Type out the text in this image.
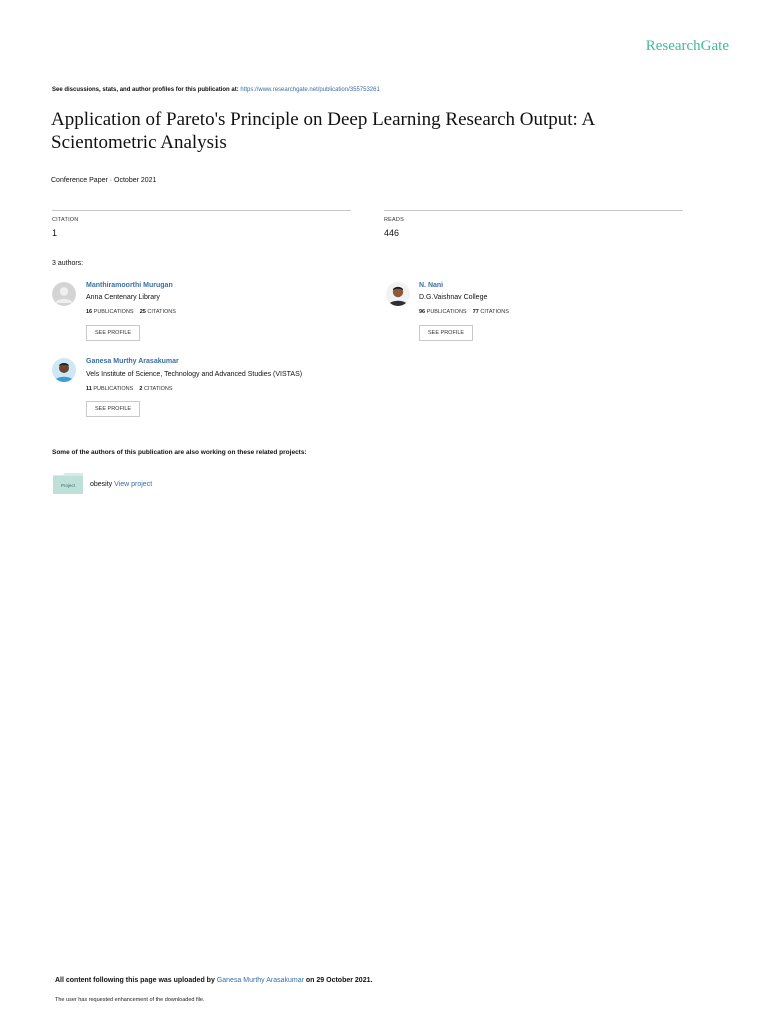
ResearchGate
See discussions, stats, and author profiles for this publication at: https://www.researchgate.net/publication/355753261
Application of Pareto's Principle on Deep Learning Research Output: A Scientometric Analysis
Conference Paper · October 2021
CITATION
1
READS
446
3 authors:
Manthiramoorthi Murugan
Anna Centenary Library
16 PUBLICATIONS 25 CITATIONS
SEE PROFILE
N. Nani
D.G.Vaishnav College
96 PUBLICATIONS 77 CITATIONS
SEE PROFILE
Ganesa Murthy Arasakumar
Vels Institute of Science, Technology and Advanced Studies (VISTAS)
11 PUBLICATIONS 2 CITATIONS
SEE PROFILE
Some of the authors of this publication are also working on these related projects:
Project obesity View project
All content following this page was uploaded by Ganesa Murthy Arasakumar on 29 October 2021.
The user has requested enhancement of the downloaded file.
